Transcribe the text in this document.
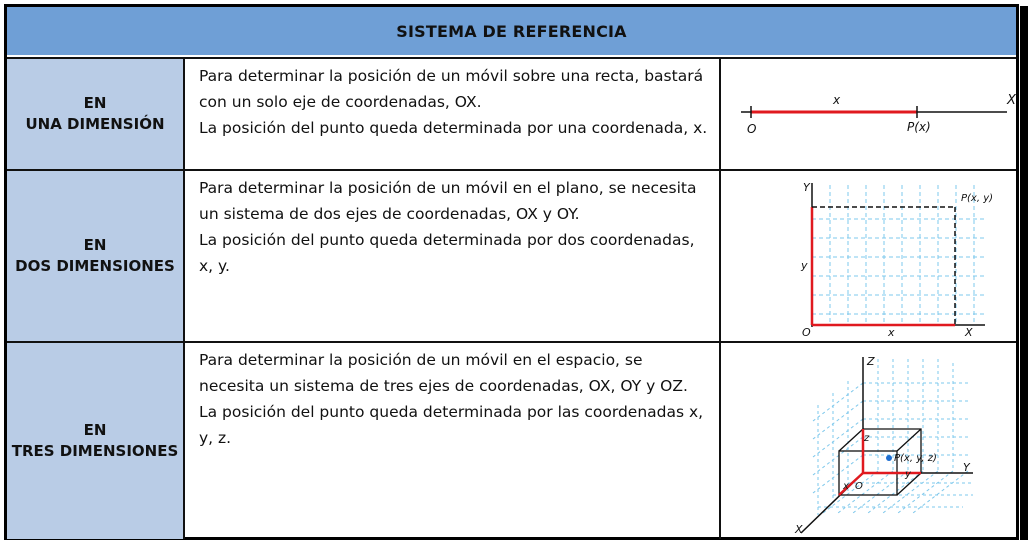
SISTEMA DE REFERENCIA
EN
UNA DIMENSIÓN

Para determinar la posición de un móvil sobre una recta, bastará con un solo eje de coordenadas, OX.

La posición del punto queda determinada por una coordenada, x.

X
O
x
P(x)
EN
DOS DIMENSIONES

Para determinar la posición de un móvil en el plano, se necesita un sistema de dos ejes de coordenadas, OX y OY.

La posición del punto queda determinada por dos coordenadas, x, y.

Y
P(x, y)
y
O	x	X
EN
TRES DIMENSIONES

Para determinar la posición de un móvil en el espacio, se necesita un sistema de tres ejes de coordenadas, OX, OY y OZ.

La posición del punto queda determinada por las coordenadas x, y, z.

Z
z
P(x, y, z)
y
Y
O
x
X
